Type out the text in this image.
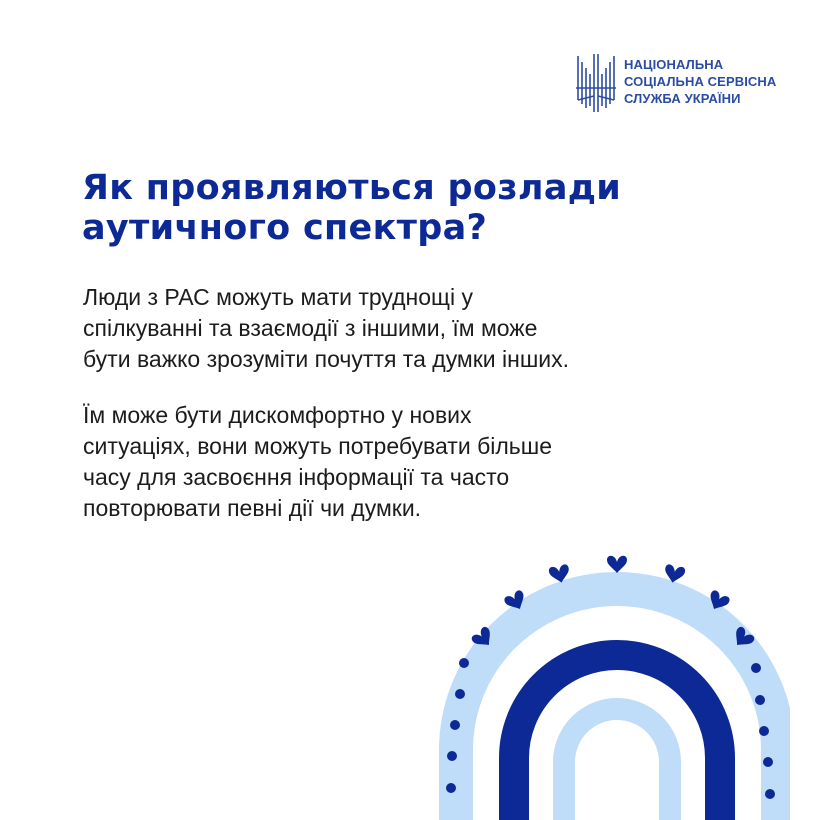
НАЦІОНАЛЬНА
СОЦІАЛЬНА СЕРВІСНА
СЛУЖБА УКРАЇНИ
Як проявляються розлади
аутичного спектра?
Люди з РАС можуть мати труднощі у
спілкуванні та взаємодії з іншими, їм може
бути важко зрозуміти почуття та думки інших.
Їм може бути дискомфортно у нових
ситуаціях, вони можуть потребувати більше
часу для засвоєння інформації та часто
повторювати певні дії чи думки.
